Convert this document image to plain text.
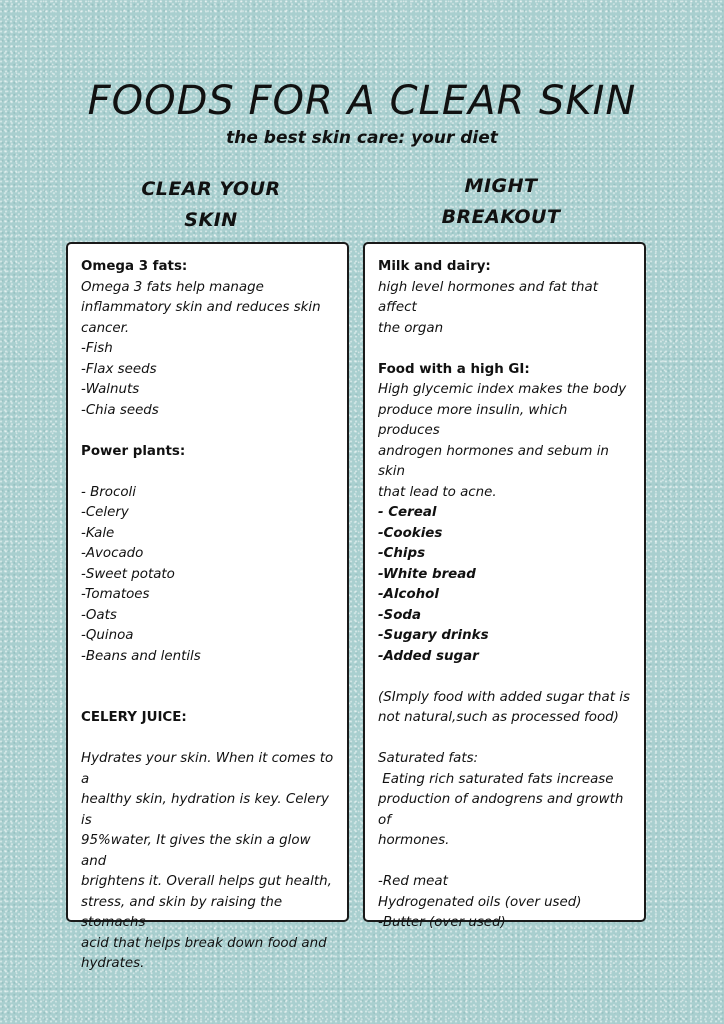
FOODS FOR A CLEAR SKIN
the best skin care: your diet
CLEAR YOUR
SKIN
MIGHT
BREAKOUT
Omega 3 fats:
Omega 3 fats help manage
inflammatory skin and reduces skin
cancer.
-Fish
-Flax seeds
-Walnuts
-Chia seeds
Power plants:
- Brocoli
-Celery
-Kale
-Avocado
-Sweet potato
-Tomatoes
-Oats
-Quinoa
-Beans and lentils
CELERY JUICE:
Hydrates your skin. When it comes to a
healthy skin, hydration is key. Celery is
95%water, It gives the skin a glow and
brightens it. Overall helps gut health,
stress, and skin by raising the stomachs
acid that helps break down food and
hydrates.
Milk and dairy:
high level hormones and fat that affect
the organ
Food with a high GI:
High glycemic index makes the body
produce more insulin, which produces
androgen hormones and sebum in skin
that lead to acne.
- Cereal
-Cookies
-Chips
-White bread
-Alcohol
-Soda
-Sugary drinks
-Added sugar
(SImply food with added sugar that is
not natural,such as processed food)
Saturated fats:
Eating rich saturated fats increase
production of andogrens and growth of
hormones.
-Red meat
Hydrogenated oils (over used)
-Butter (over used)
